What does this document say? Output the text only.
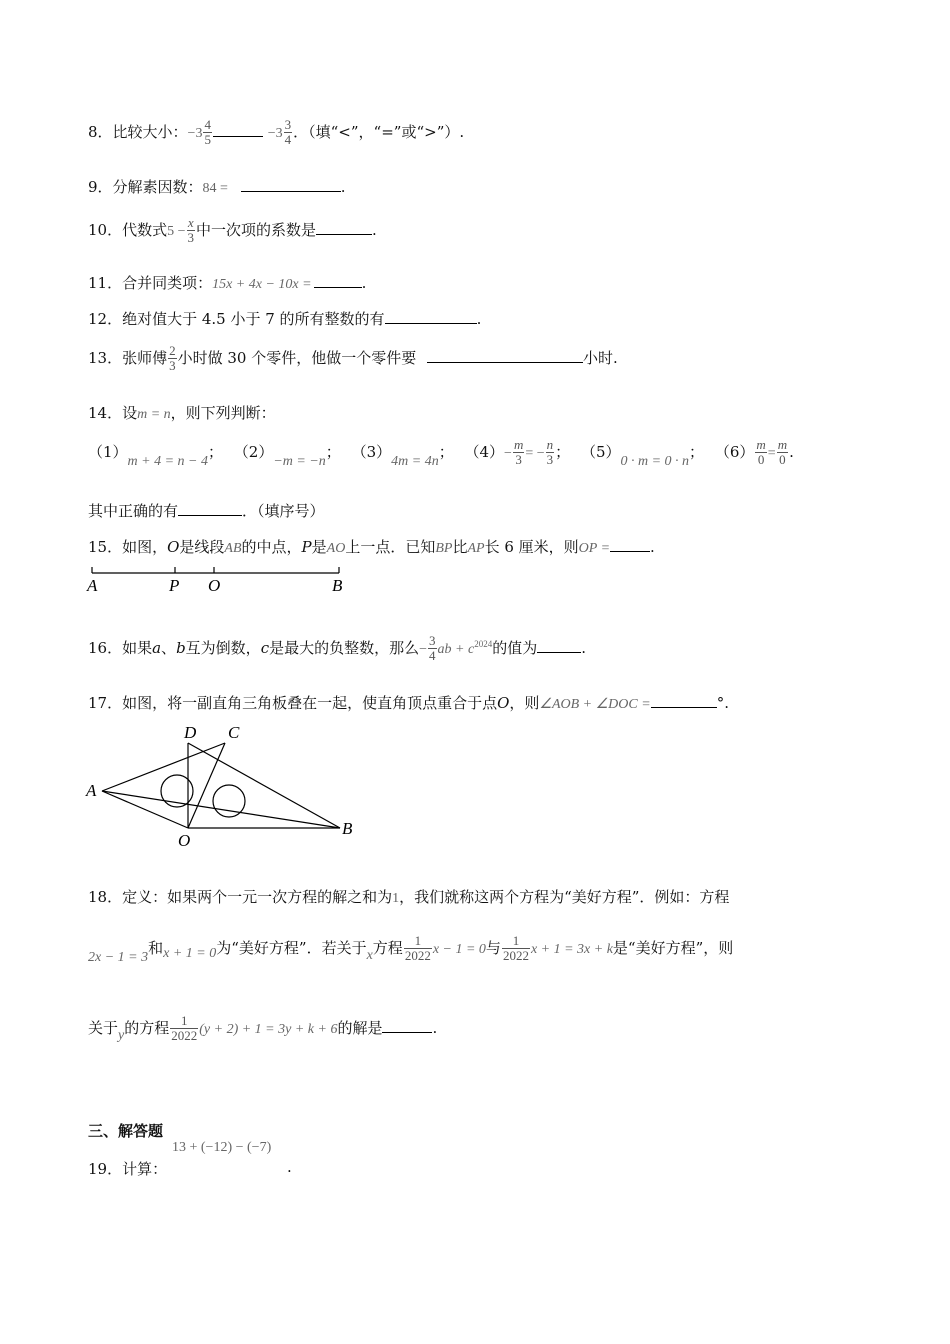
8．比较大小：$-3 \frac{4}{5}$	$-3 \frac{3}{4}$ ．（填“<”，“=”或“>”）.
9．分解素因数：84 =	.
10．代数式$5 - \frac{x}{3}$ 中一次项的系数是	.
11．合并同类项：15x + 4x − 10x =	.
12．绝对值大于 4.5 小于 7 的所有整数的有	.
13．张师傅 $\frac{2}{3}$ 小时做 30 个零件，他做一个零件要	小时.
14．设m = n，则下列判断：
（1）m + 4 = n − 4； （2）−m = −n； （3）4m = 4n； $(4)- \frac{m}{3}$ = − $\frac{n}{3}$ ； （5）0 · m = 0 · n； $(6) \frac{m}{0} = \frac{m}{0}$ .
其中正确的有	．（填序号）
15．如图，O是线段AB的中点，P是AO上一点．已知BP比AP长 6 厘米，则OP =	.
A	P O	B
16．如果a、b互为倒数，c是最大的负整数，那么− $\frac{3}{4}$ ab + $c^{2024}$的值为	.
17．如图，将一副直角三角板叠在一起，使直角顶点重合于点O，则∠AOB + ∠DOC =	°.
D C
A
O
B
18．定义：如果两个一元一次方程的解之和为1，我们就称这两个方程为“美好方程”．例如：方程
2x − 1 = 3和x + 1 = 0为“美好方程”．若关于x方程 $\frac{1}{2022}$ x − 1 = 0与 $\frac{1}{2022}$ x + 1 = 3x + k是“美好方程”，则
关于y的方程 $\frac{1}{2022} (y + 2) + 1 = 3y + k + 6$的解是	.
三、解答题
19．计算：
13 + (−12) − (−7)
.
